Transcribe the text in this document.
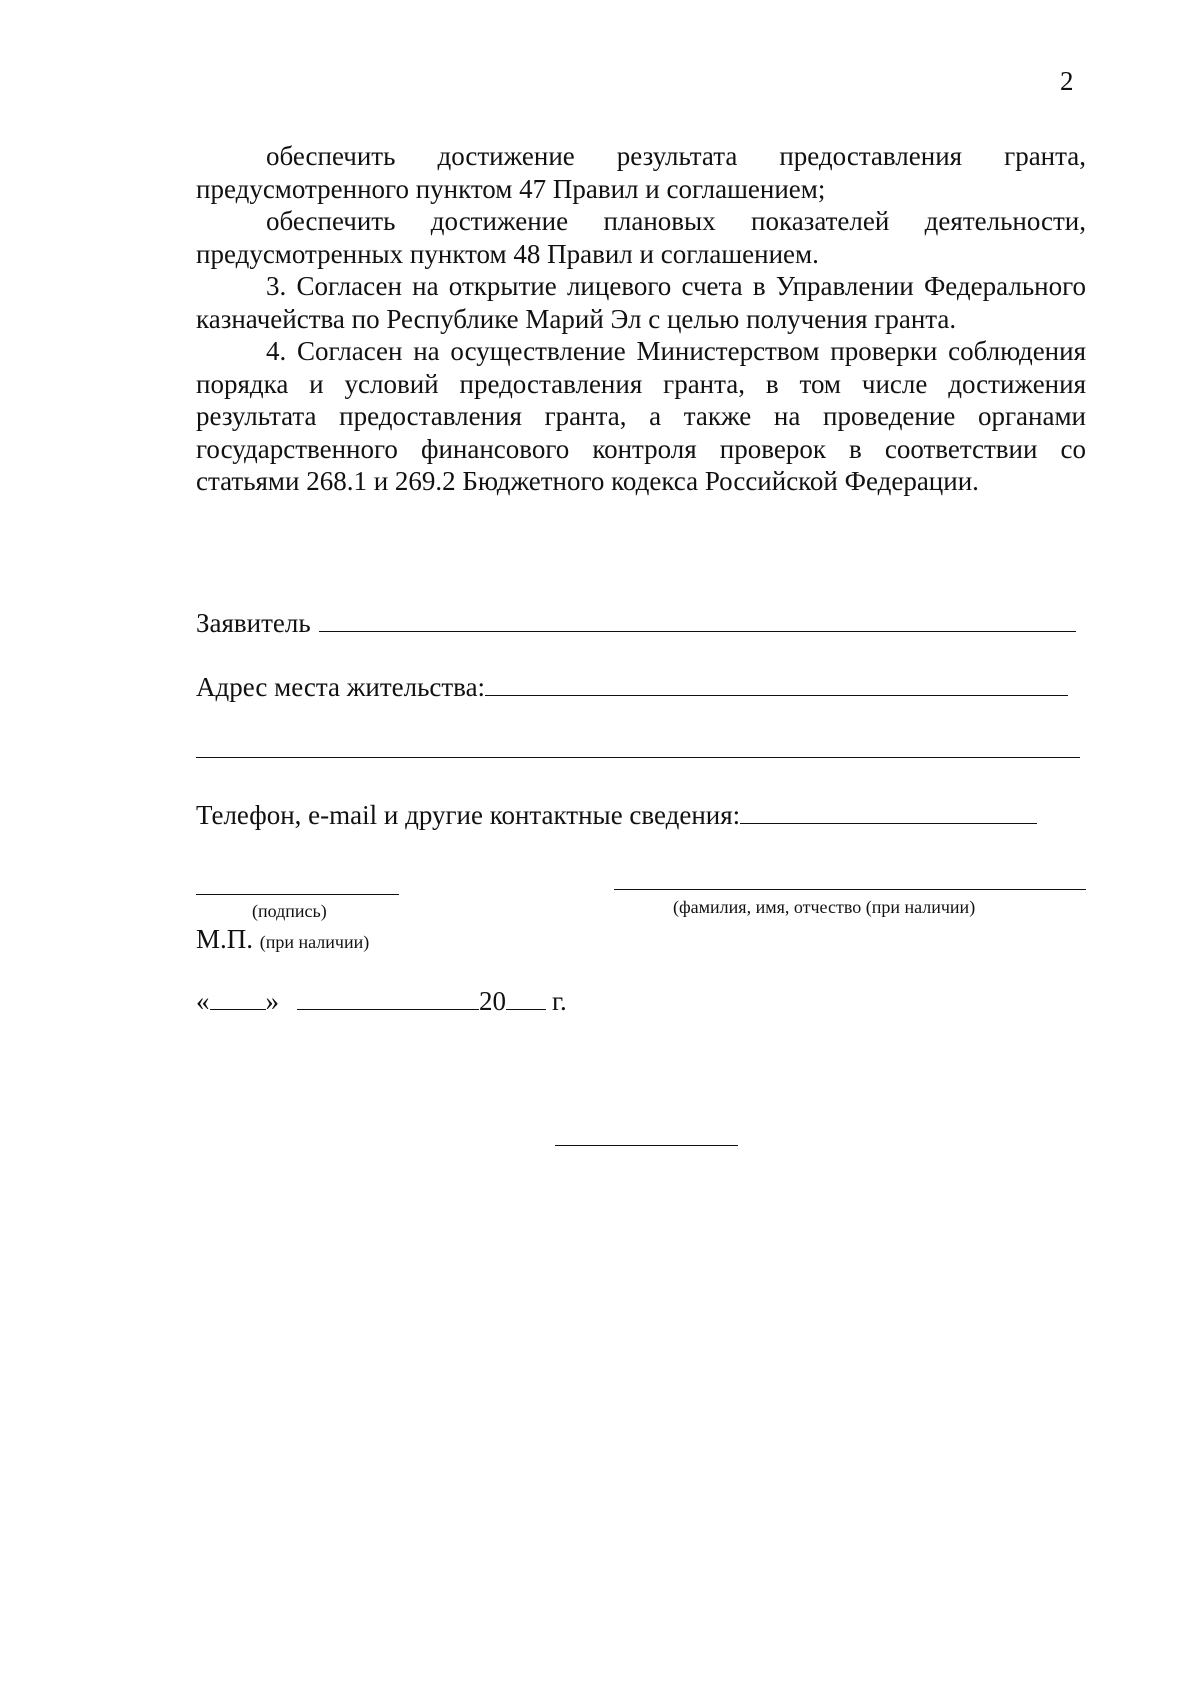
2

обеспечить достижение результата предоставления гранта, предусмотренного пунктом 47 Правил и соглашением;

обеспечить достижение плановых показателей деятельности, предусмотренных пунктом 48 Правил и соглашением.

3. Согласен на открытие лицевого счета в Управлении Федерального казначейства по Республике Марий Эл с целью получения гранта.

4. Согласен на осуществление Министерством проверки соблюдения порядка и условий предоставления гранта, в том числе достижения результата предоставления гранта, а также на проведение органами государственного финансового контроля проверок в соответствии со статьями 268.1 и 269.2 Бюджетного кодекса Российской Федерации.

Заявитель
Адрес места жительства:
Телефон, e-mail и другие контактные сведения:
(подпись)	(фамилия, имя, отчество (при наличии)
М.П. (при наличии)
« »	20 г.
